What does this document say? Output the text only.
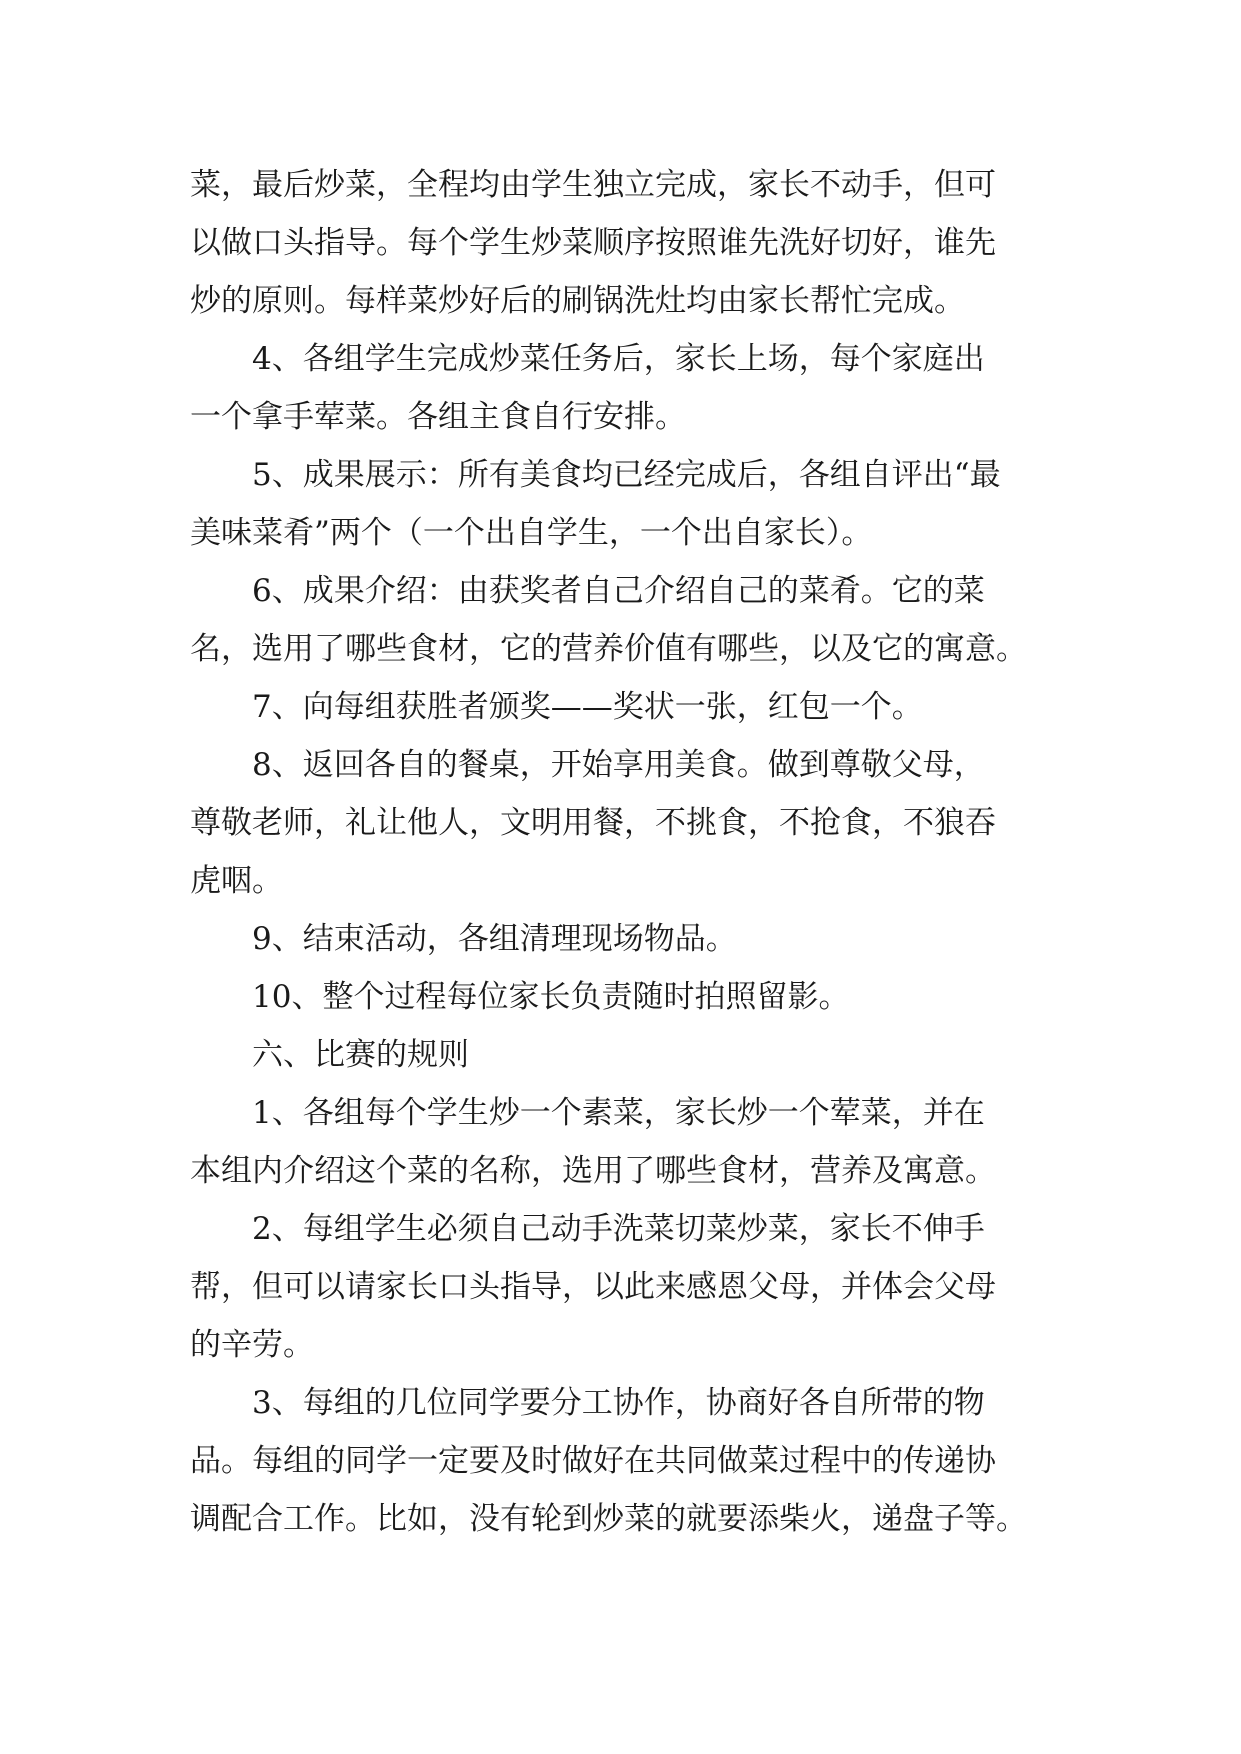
菜，最后炒菜，全程均由学生独立完成，家长不动手，但可
以做口头指导。每个学生炒菜顺序按照谁先洗好切好，谁先
炒的原则。每样菜炒好后的刷锅洗灶均由家长帮忙完成。
　　4、各组学生完成炒菜任务后，家长上场，每个家庭出
一个拿手荤菜。各组主食自行安排。
　　5、成果展示：所有美食均已经完成后，各组自评出“最
美味菜肴”两个（一个出自学生，一个出自家长）。
　　6、成果介绍：由获奖者自己介绍自己的菜肴。它的菜
名，选用了哪些食材，它的营养价值有哪些，以及它的寓意。
　　7、向每组获胜者颁奖——奖状一张，红包一个。
　　8、返回各自的餐桌，开始享用美食。做到尊敬父母，
尊敬老师，礼让他人，文明用餐，不挑食，不抢食，不狼吞
虎咽。
　　9、结束活动，各组清理现场物品。
　　10、整个过程每位家长负责随时拍照留影。
　　六、比赛的规则
　　1、各组每个学生炒一个素菜，家长炒一个荤菜，并在
本组内介绍这个菜的名称，选用了哪些食材，营养及寓意。
　　2、每组学生必须自己动手洗菜切菜炒菜，家长不伸手
帮，但可以请家长口头指导，以此来感恩父母，并体会父母
的辛劳。
　　3、每组的几位同学要分工协作，协商好各自所带的物
品。每组的同学一定要及时做好在共同做菜过程中的传递协
调配合工作。比如，没有轮到炒菜的就要添柴火，递盘子等。
